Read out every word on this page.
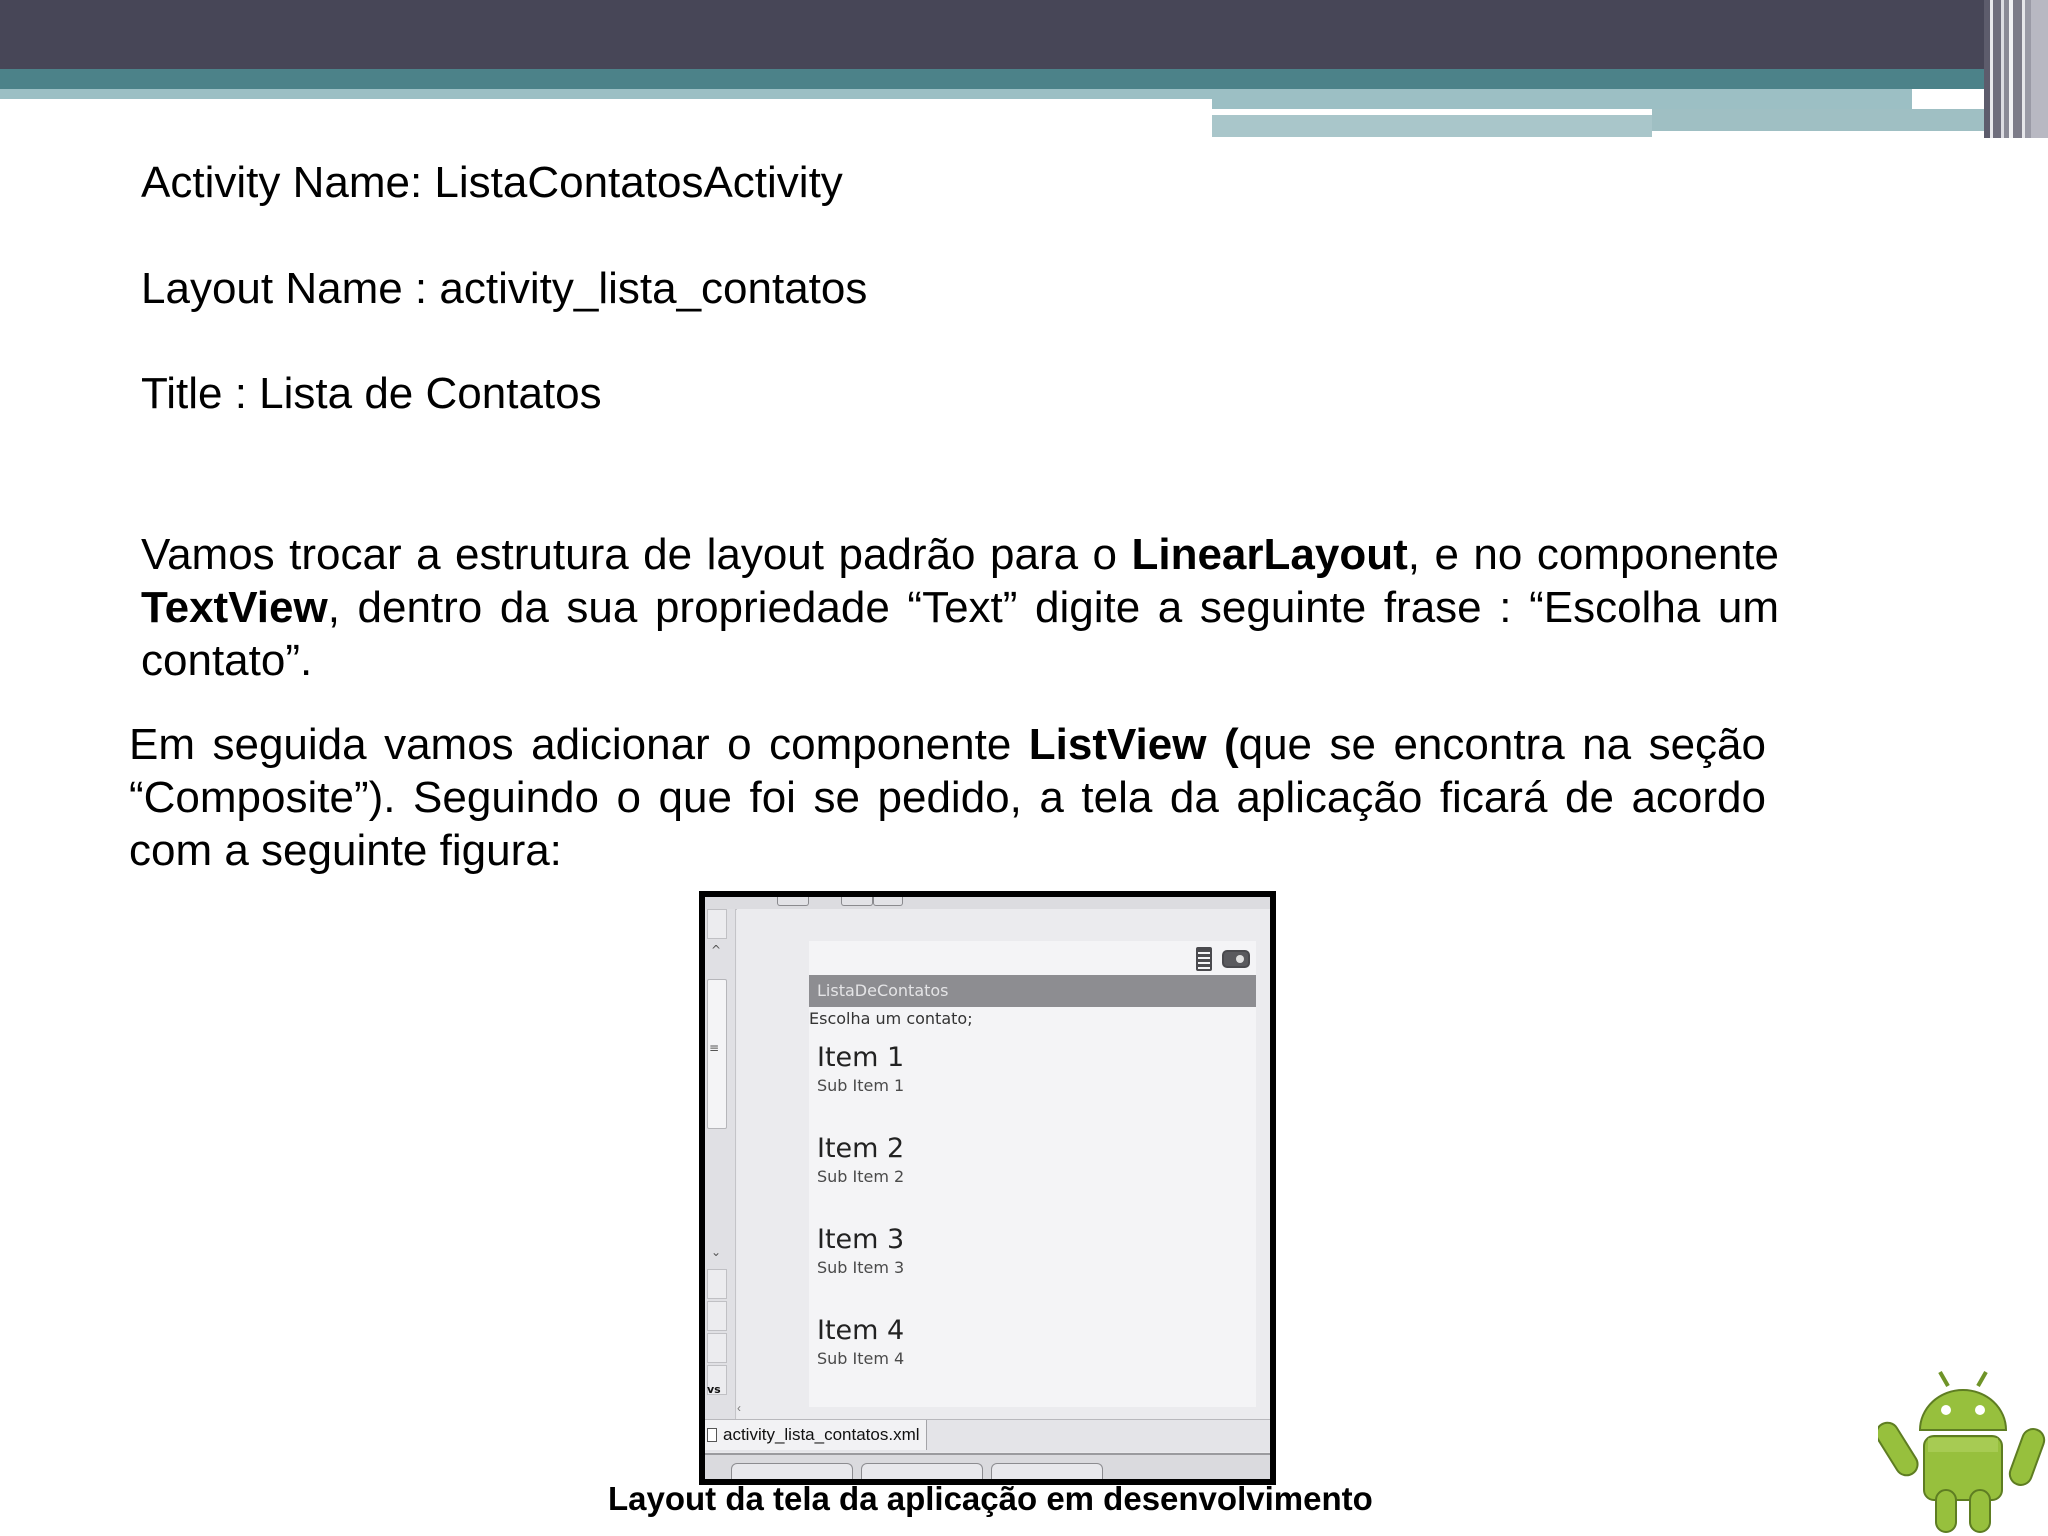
Activity Name: ListaContatosActivity
Layout Name : activity_lista_contatos
Title : Lista de Contatos
Vamos trocar a estrutura de layout padrão para o LinearLayout, e no componente TextView, dentro da sua propriedade “Text” digite a seguinte frase : “Escolha um contato”.
Em seguida vamos adicionar o componente ListView (que se encontra na seção “Composite”). Seguindo o que foi se pedido, a tela da aplicação ficará de acordo com a seguinte figura:
^
≡
⌄
vs
ListaDeContatos
Escolha um contato;
Item 1
Sub Item 1
Item 2
Sub Item 2
Item 3
Sub Item 3
Item 4
Sub Item 4
‹
activity_lista_contatos.xml
Layout da tela da aplicação em desenvolvimento
